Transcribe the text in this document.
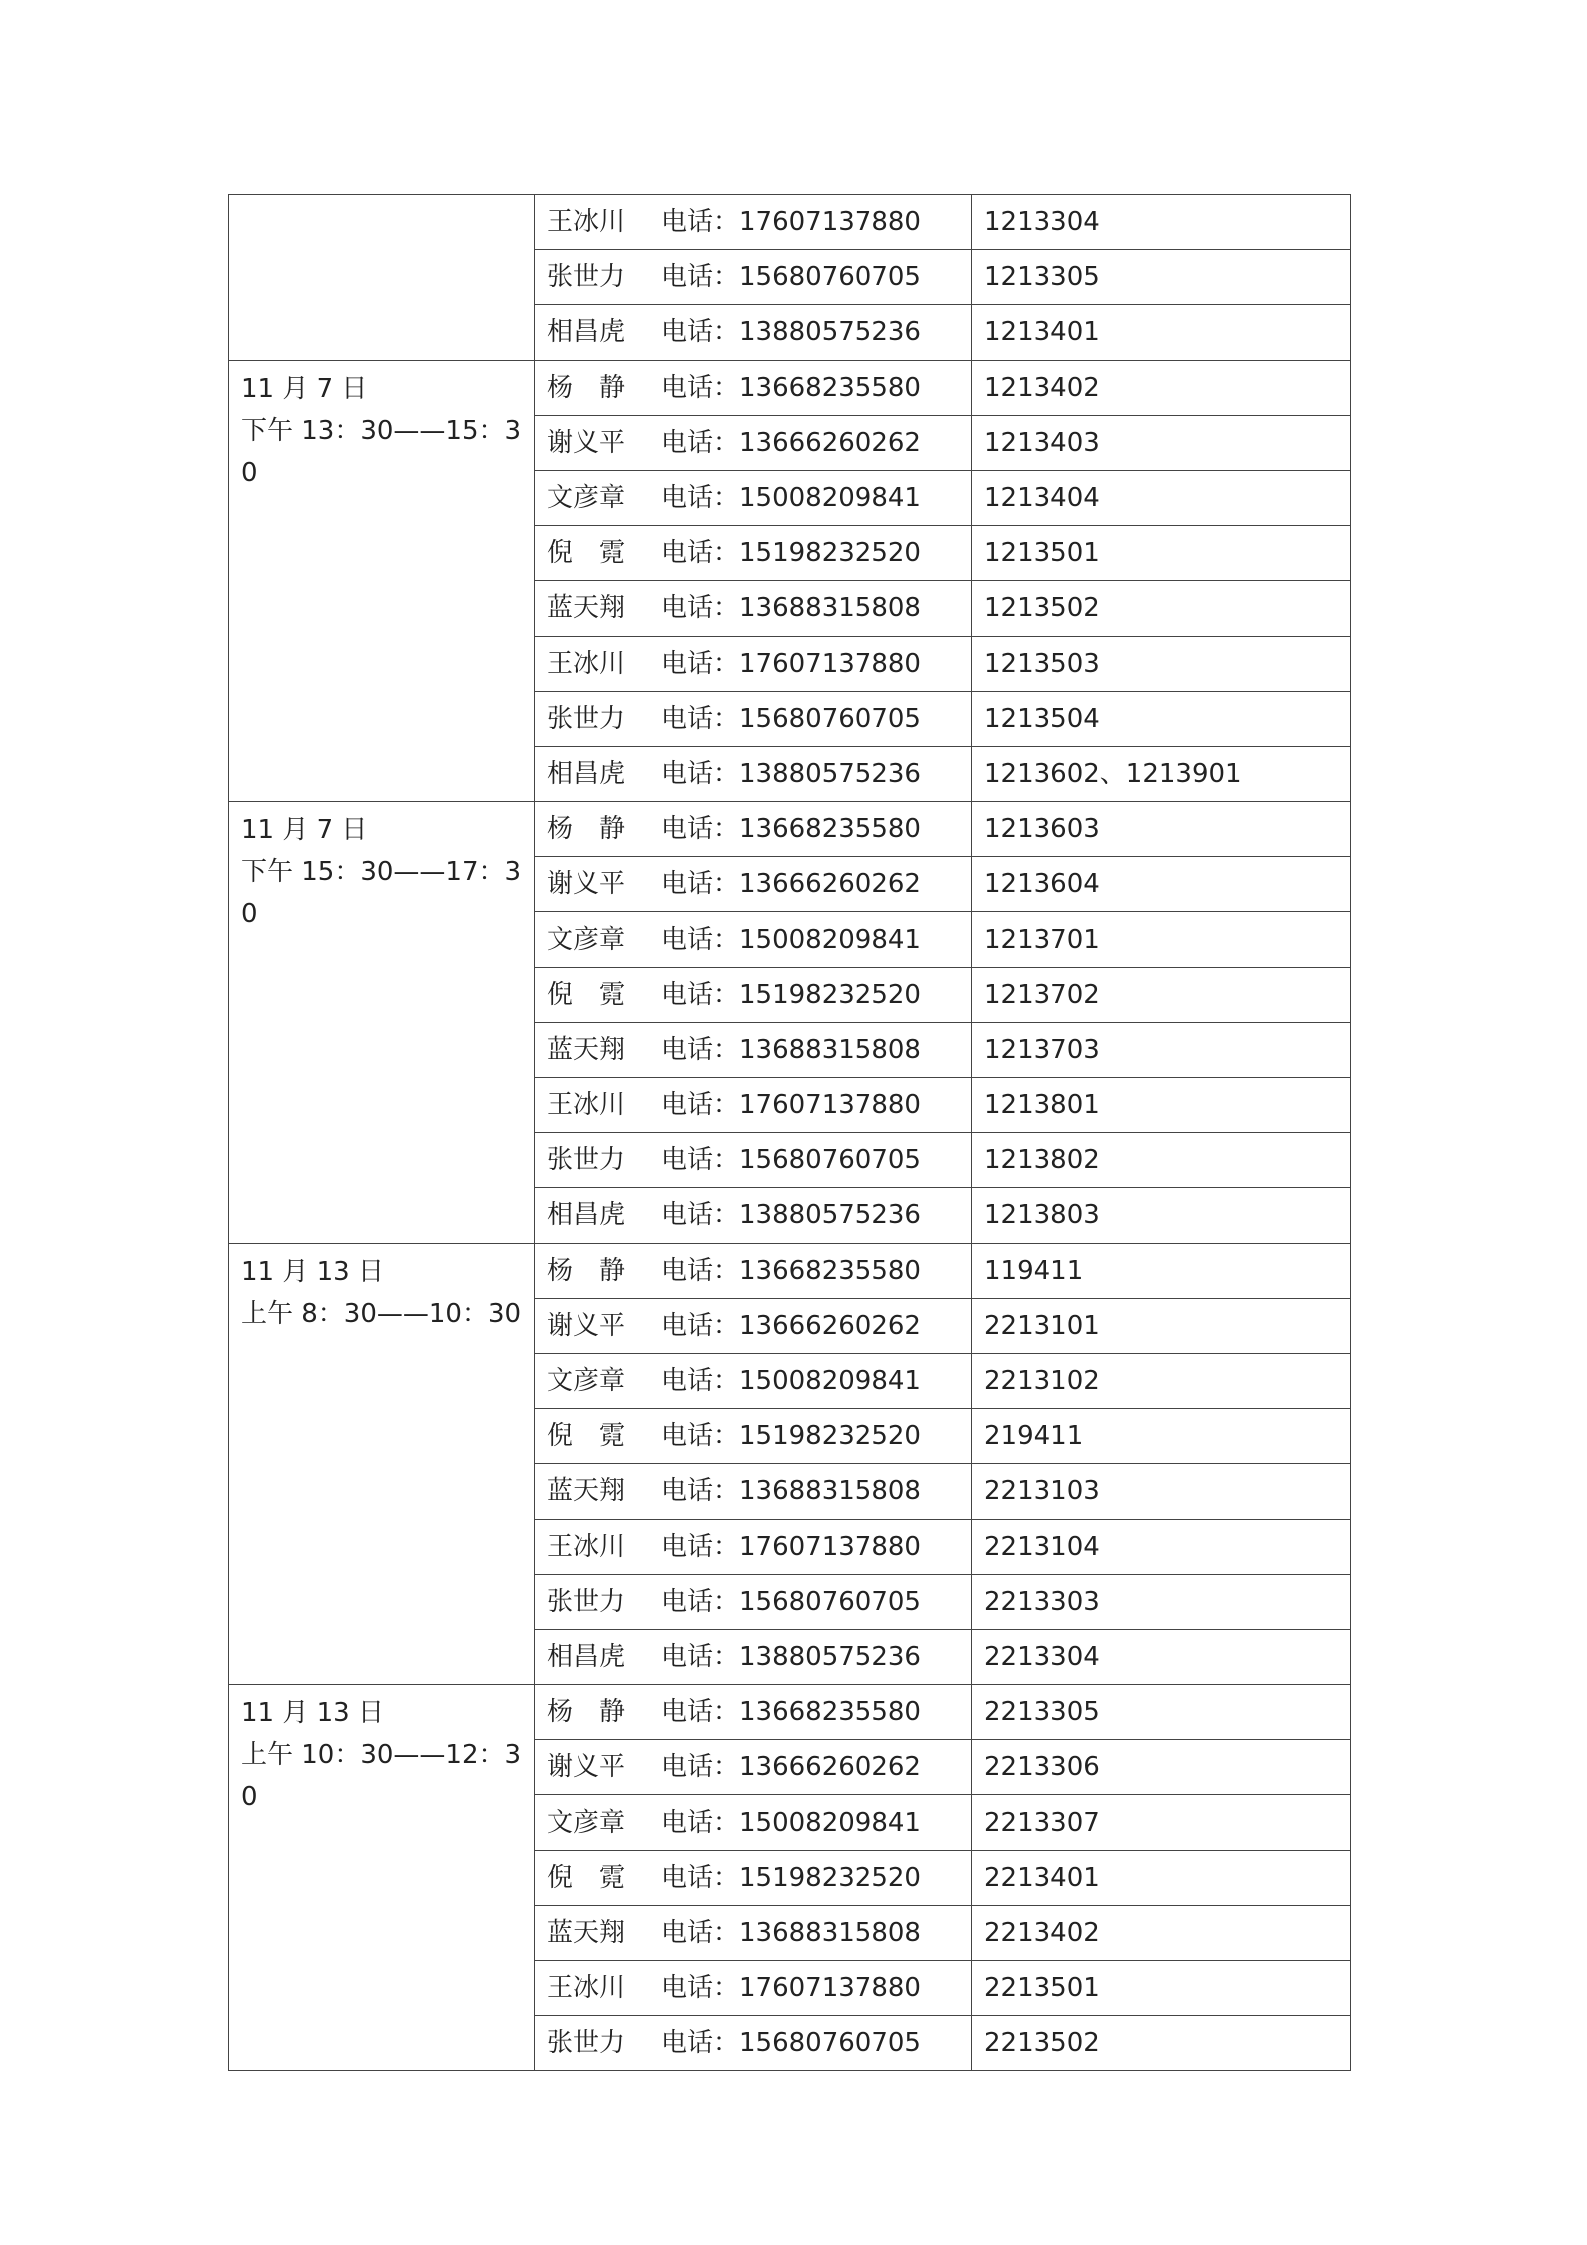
	王冰川 电话：17607137880	1213304
	张世力 电话：15680760705	1213305
	相昌虎 电话：13880575236	1213401

11 月 7 日
下午 13：30——15：30	杨　静 电话：13668235580	1213402
	谢义平 电话：13666260262	1213403
	文彦章 电话：15008209841	1213404
	倪　霓 电话：15198232520	1213501
	蓝天翔 电话：13688315808	1213502
	王冰川 电话：17607137880	1213503
	张世力 电话：15680760705	1213504
	相昌虎 电话：13880575236	1213602、1213901

11 月 7 日
下午 15：30——17：30	杨　静 电话：13668235580	1213603
	谢义平 电话：13666260262	1213604
	文彦章 电话：15008209841	1213701
	倪　霓 电话：15198232520	1213702
	蓝天翔 电话：13688315808	1213703
	王冰川 电话：17607137880	1213801
	张世力 电话：15680760705	1213802
	相昌虎 电话：13880575236	1213803

11 月 13 日
上午 8：30——10：30	杨　静 电话：13668235580	119411
	谢义平 电话：13666260262	2213101
	文彦章 电话：15008209841	2213102
	倪　霓 电话：15198232520	219411
	蓝天翔 电话：13688315808	2213103
	王冰川 电话：17607137880	2213104
	张世力 电话：15680760705	2213303
	相昌虎 电话：13880575236	2213304

11 月 13 日
上午 10：30——12：30	杨　静 电话：13668235580	2213305
	谢义平 电话：13666260262	2213306
	文彦章 电话：15008209841	2213307
	倪　霓 电话：15198232520	2213401
	蓝天翔 电话：13688315808	2213402
	王冰川 电话：17607137880	2213501
	张世力 电话：15680760705	2213502
